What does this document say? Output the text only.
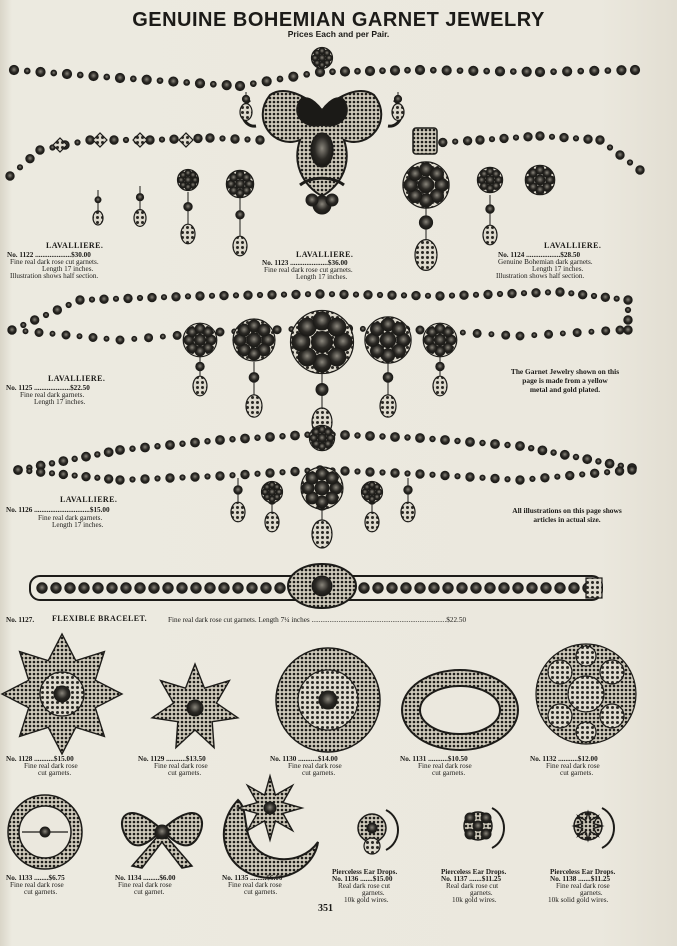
GENUINE BOHEMIAN GARNET JEWELRY
Prices Each and per Pair.
LAVALLIERE.
No. 1122 ....................$30.00
Fine real dark rose cut garnets.
Length 17 inches.
Illustration shows half section.
LAVALLIERE.
No. 1123 .....................$36.00
Fine real dark rose cut garnets.
Length 17 inches.
LAVALLIERE.
No. 1124 ...................$28.50
Genuine Bohemian dark garnets.
Length 17 inches.
Illustration shows half section.
LAVALLIERE.
No. 1125 ....................$22.50
Fine real dark garnets.
Length 17 inches.
The Garnet Jewelry shown on this
page is made from a yellow
metal and gold plated.
LAVALLIERE.
No. 1126 ...............................$15.00
Fine real dark garnets.
Length 17 inches.
All illustrations on this page shows
articles in actual size.
No. 1127. FLEXIBLE BRACELET.	Fine real dark rose cut garnets. Length 7¼ inches ...........................................................................$22.50
No. 1128 ...........$15.00
Fine real dark rose
cut garnets.
No. 1129 ...........$13.50
Fine real dark rose
cut garnets.
No. 1130 ...........$14.00
Fine real dark rose
cut garnets.
No. 1131 ...........$10.50
Fine real dark rose
cut garnets.
No. 1132 ...........$12.00
Fine real dark rose
cut garnets.
No. 1133 ........$6.75
Fine real dark rose
cut garnets.
No. 1134 .........$6.00
Fine real dark rose
cut garnet.
No. 1135 .........$6.00
Fine real dark rose
cut garnets.
Pierceless Ear Drops.
No. 1136 .......$15.00
Real dark rose cut
garnets.
10k gold wires.
Pierceless Ear Drops.
No. 1137 .......$11.25
Real dark rose cut
garnets.
10k gold wires.
Pierceless Ear Drops.
No. 1138 .......$11.25
Fine real dark rose
garnets.
10k solid gold wires.
351
